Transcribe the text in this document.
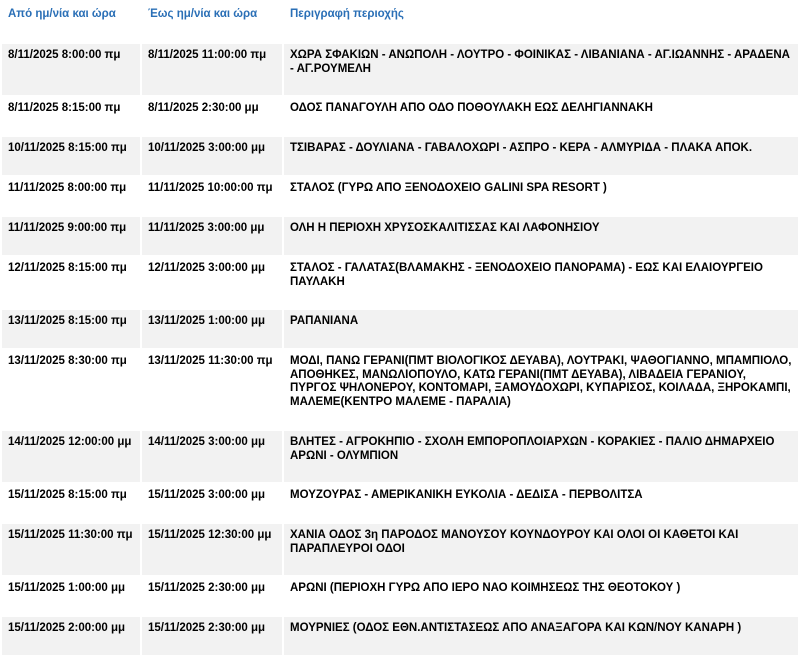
Από ημ/νία και ώρα	Έως ημ/νία και ώρα	Περιγραφή περιοχής
8/11/2025 8:00:00 πμ	8/11/2025 11:00:00 πμ	ΧΩΡΑ ΣΦΑΚΙΩΝ - ΑΝΩΠΟΛΗ - ΛΟΥΤΡΟ - ΦΟΙΝΙΚΑΣ - ΛΙΒΑΝΙΑΝΑ - ΑΓ.ΙΩΑΝΝΗΣ - ΑΡΑΔΕΝΑ - ΑΓ.ΡΟΥΜΕΛΗ
8/11/2025 8:15:00 πμ	8/11/2025 2:30:00 μμ	ΟΔΟΣ ΠΑΝΑΓΟΥΛΗ ΑΠΟ ΟΔΟ ΠΟΘΟΥΛΑΚΗ ΕΩΣ ΔΕΛΗΓΙΑΝΝΑΚΗ
10/11/2025 8:15:00 πμ	10/11/2025 3:00:00 μμ	ΤΣΙΒΑΡΑΣ - ΔΟΥΛΙΑΝΑ - ΓΑΒΑΛΟΧΩΡΙ - ΑΣΠΡΟ - ΚΕΡΑ - ΑΛΜΥΡΙΔΑ - ΠΛΑΚΑ ΑΠΟΚ.
11/11/2025 8:00:00 πμ	11/11/2025 10:00:00 πμ	ΣΤΑΛΟΣ (ΓΥΡΩ ΑΠΟ ΞΕΝΟΔΟΧΕΙΟ GALINI SPA RESORT )
11/11/2025 9:00:00 πμ	11/11/2025 3:00:00 μμ	ΟΛΗ Η ΠΕΡΙΟΧΗ ΧΡΥΣΟΣΚΑΛΙΤΙΣΣΑΣ ΚΑΙ ΛΑΦΟΝΗΣΙΟΥ
12/11/2025 8:15:00 πμ	12/11/2025 3:00:00 μμ	ΣΤΑΛΟΣ - ΓΑΛΑΤΑΣ(ΒΛΑΜΑΚΗΣ - ΞΕΝΟΔΟΧΕΙΟ ΠΑΝΟΡΑΜΑ) - ΕΩΣ ΚΑΙ ΕΛΑΙΟΥΡΓΕΙΟ ΠΑΥΛΑΚΗ
13/11/2025 8:15:00 πμ	13/11/2025 1:00:00 μμ	ΡΑΠΑΝΙΑΝΑ
13/11/2025 8:30:00 πμ	13/11/2025 11:30:00 πμ	ΜΟΔΙ, ΠΑΝΩ ΓΕΡΑΝΙ(ΠΜΤ ΒΙΟΛΟΓΙΚΟΣ ΔΕΥΑΒΑ), ΛΟΥΤΡΑΚΙ, ΨΑΘΟΓΙΑΝΝΟ, ΜΠΑΜΠΙΟΛΟ, ΑΠΟΘΗΚΕΣ, ΜΑΝΩΛΙΟΠΟΥΛΟ, ΚΑΤΩ ΓΕΡΑΝΙ(ΠΜΤ ΔΕΥΑΒΑ), ΛΙΒΑΔΕΙΑ ΓΕΡΑΝΙΟΥ, ΠΥΡΓΟΣ ΨΗΛΟΝΕΡΟΥ, ΚΟΝΤΟΜΑΡΙ, ΞΑΜΟΥΔΟΧΩΡΙ, ΚΥΠΑΡΙΣΟΣ, ΚΟΙΛΑΔΑ, ΞΗΡΟΚΑΜΠΙ, ΜΑΛΕΜΕ(ΚΕΝΤΡΟ ΜΑΛΕΜΕ - ΠΑΡΑΛΙΑ)
14/11/2025 12:00:00 μμ	14/11/2025 3:00:00 μμ	ΒΛΗΤΕΣ - ΑΓΡΟΚΗΠΙΟ - ΣΧΟΛΗ ΕΜΠΟΡΟΠΛΟΙΑΡΧΩΝ - ΚΟΡΑΚΙΕΣ - ΠΑΛΙΟ ΔΗΜΑΡΧΕΙΟ ΑΡΩΝΙ - ΟΛΥΜΠΙΟΝ
15/11/2025 8:15:00 πμ	15/11/2025 3:00:00 μμ	ΜΟΥΖΟΥΡΑΣ - ΑΜΕΡΙΚΑΝΙΚΗ ΕΥΚΟΛΙΑ - ΔΕΔΙΣΑ - ΠΕΡΒΟΛΙΤΣΑ
15/11/2025 11:30:00 πμ	15/11/2025 12:30:00 μμ	ΧΑΝΙΑ ΟΔΟΣ 3η ΠΑΡΟΔΟΣ ΜΑΝΟΥΣΟΥ ΚΟΥΝΔΟΥΡΟΥ ΚΑΙ ΟΛΟΙ ΟΙ ΚΑΘΕΤΟΙ ΚΑΙ ΠΑΡΑΠΛΕΥΡΟΙ ΟΔΟΙ
15/11/2025 1:00:00 μμ	15/11/2025 2:30:00 μμ	ΑΡΩΝΙ (ΠΕΡΙΟΧΗ ΓΥΡΩ ΑΠΟ ΙΕΡΟ ΝΑΟ ΚΟΙΜΗΣΕΩΣ ΤΗΣ ΘΕΟΤΟΚΟΥ )
15/11/2025 2:00:00 μμ	15/11/2025 2:30:00 μμ	ΜΟΥΡΝΙΕΣ (ΟΔΟΣ ΕΘΝ.ΑΝΤΙΣΤΑΣΕΩΣ ΑΠΟ ΑΝΑΞΑΓΟΡΑ ΚΑΙ ΚΩΝ/ΝΟΥ ΚΑΝΑΡΗ )
